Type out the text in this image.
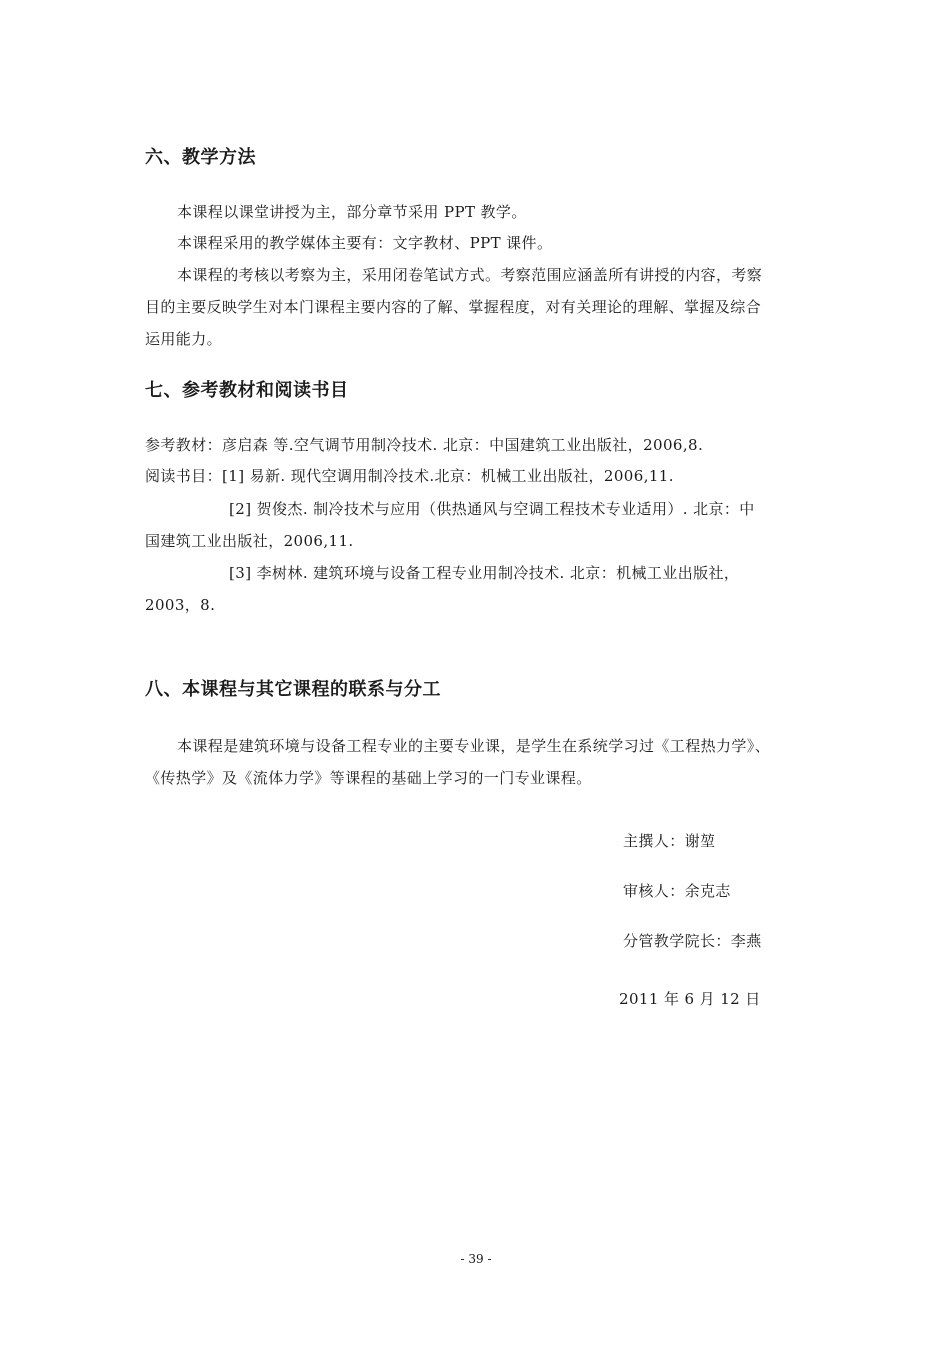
六、教学方法
本课程以课堂讲授为主，部分章节采用 PPT 教学。
本课程采用的教学媒体主要有：文字教材、PPT 课件。
本课程的考核以考察为主，采用闭卷笔试方式。考察范围应涵盖所有讲授的内容，考察
目的主要反映学生对本门课程主要内容的了解、掌握程度，对有关理论的理解、掌握及综合
运用能力。
七、参考教材和阅读书目
参考教材：彦启森 等.空气调节用制冷技术. 北京：中国建筑工业出版社，2006,8.
阅读书目：[1] 易新. 现代空调用制冷技术.北京：机械工业出版社，2006,11.
[2] 贺俊杰. 制冷技术与应用（供热通风与空调工程技术专业适用）. 北京：中
国建筑工业出版社，2006,11.
[3] 李树林. 建筑环境与设备工程专业用制冷技术. 北京：机械工业出版社，
2003，8.
八、本课程与其它课程的联系与分工
本课程是建筑环境与设备工程专业的主要专业课，是学生在系统学习过《工程热力学》、
《传热学》及《流体力学》等课程的基础上学习的一门专业课程。
主撰人：谢堃
审核人：余克志
分管教学院长：李燕
2011 年 6 月 12 日
- 39 -
